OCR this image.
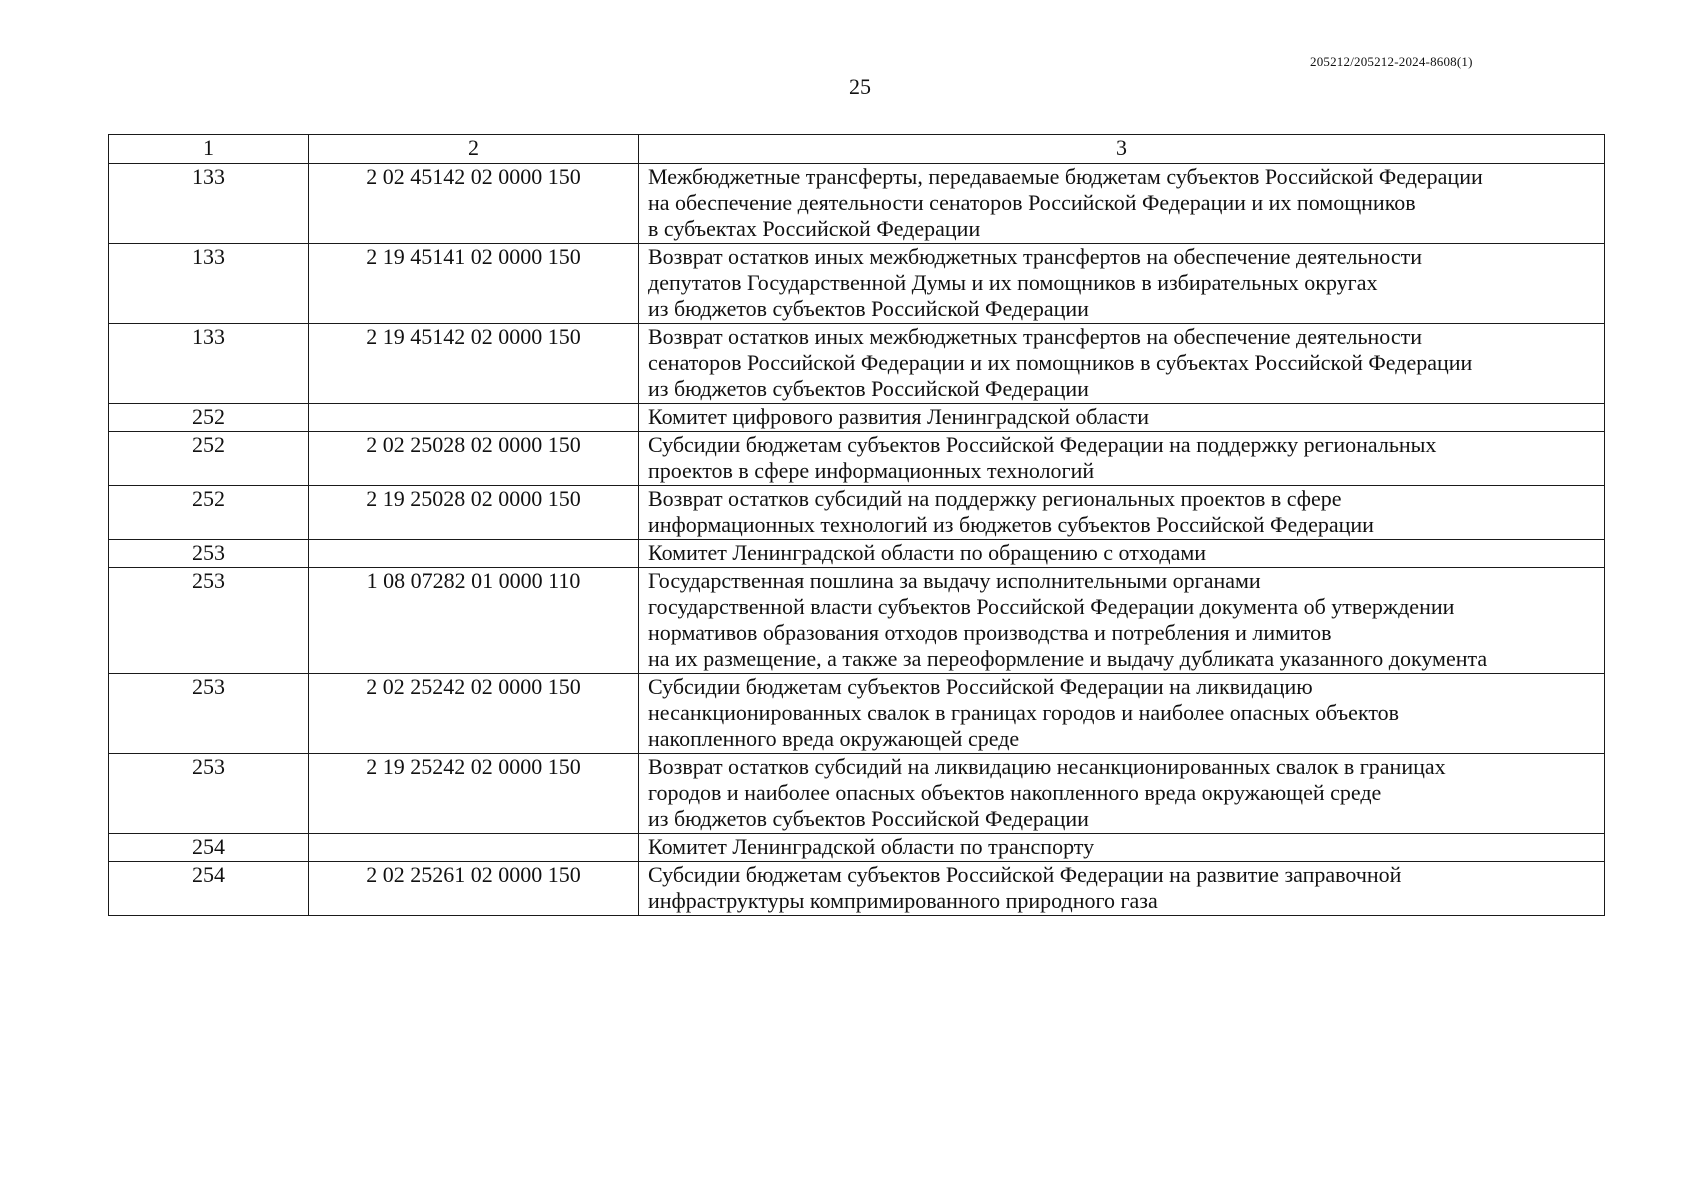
205212/205212-2024-8608(1)
25
1	2	3
133	2 02 45142 02 0000 150	Межбюджетные трансферты, передаваемые бюджетам субъектов Российской Федерации
на обеспечение деятельности сенаторов Российской Федерации и их помощников
в субъектах Российской Федерации

133	2 19 45141 02 0000 150	Возврат остатков иных межбюджетных трансфертов на обеспечение деятельности
депутатов Государственной Думы и их помощников в избирательных округах
из бюджетов субъектов Российской Федерации

133	2 19 45142 02 0000 150	Возврат остатков иных межбюджетных трансфертов на обеспечение деятельности
сенаторов Российской Федерации и их помощников в субъектах Российской Федерации
из бюджетов субъектов Российской Федерации

252		Комитет цифрового развития Ленинградской области

252	2 02 25028 02 0000 150	Субсидии бюджетам субъектов Российской Федерации на поддержку региональных
проектов в сфере информационных технологий

252	2 19 25028 02 0000 150	Возврат остатков субсидий на поддержку региональных проектов в сфере
информационных технологий из бюджетов субъектов Российской Федерации

253		Комитет Ленинградской области по обращению с отходами

253	1 08 07282 01 0000 110	Государственная пошлина за выдачу исполнительными органами
государственной власти субъектов Российской Федерации документа об утверждении
нормативов образования отходов производства и потребления и лимитов
на их размещение, а также за переоформление и выдачу дубликата указанного документа

253	2 02 25242 02 0000 150	Субсидии бюджетам субъектов Российской Федерации на ликвидацию
несанкционированных свалок в границах городов и наиболее опасных объектов
накопленного вреда окружающей среде

253	2 19 25242 02 0000 150	Возврат остатков субсидий на ликвидацию несанкционированных свалок в границах
городов и наиболее опасных объектов накопленного вреда окружающей среде
из бюджетов субъектов Российской Федерации

254		Комитет Ленинградской области по транспорту

254	2 02 25261 02 0000 150	Субсидии бюджетам субъектов Российской Федерации на развитие заправочной
инфраструктуры компримированного природного газа
